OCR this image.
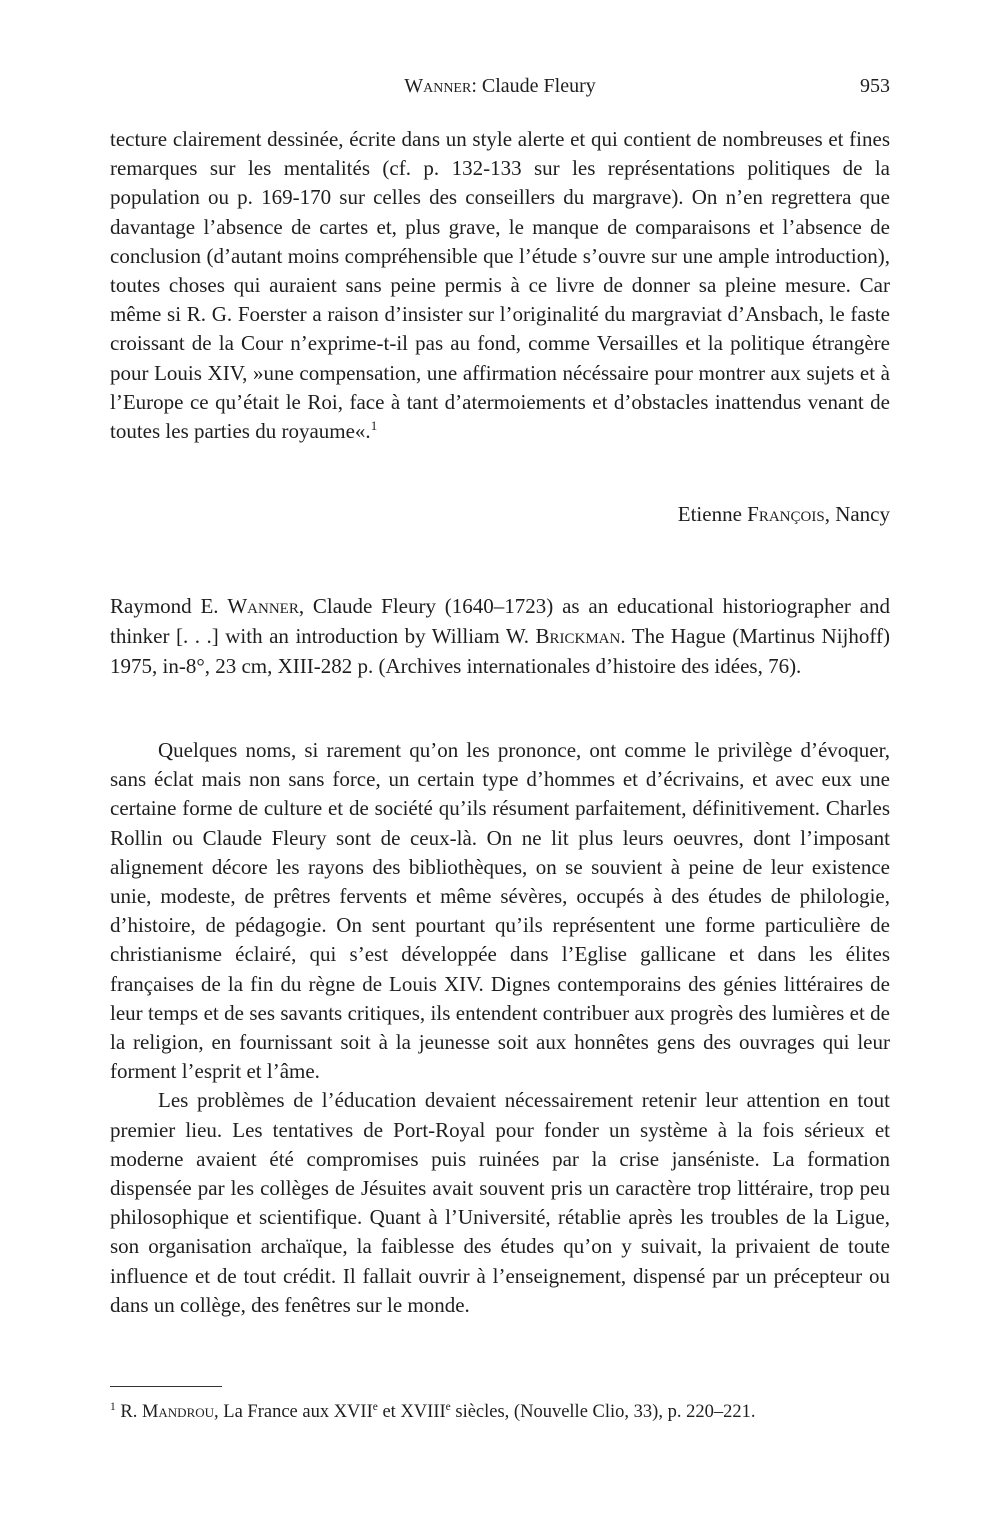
Wanner: Claude Fleury	953

tecture clairement dessinée, écrite dans un style alerte et qui contient de nombreuses et fines remarques sur les mentalités (cf. p. 132-133 sur les représentations politiques de la population ou p. 169-170 sur celles des conseillers du margrave). On n’en regrettera que davantage l’absence de cartes et, plus grave, le manque de comparaisons et l’absence de conclusion (d’autant moins compréhensible que l’étude s’ouvre sur une ample introduction), toutes choses qui auraient sans peine permis à ce livre de donner sa pleine mesure. Car même si R. G. Foerster a raison d’insister sur l’originalité du margraviat d’Ansbach, le faste croissant de la Cour n’exprime-t-il pas au fond, comme Versailles et la politique étrangère pour Louis XIV, »une compensation, une affirmation nécéssaire pour montrer aux sujets et à l’Europe ce qu’était le Roi, face à tant d’atermoiements et d’obstacles inattendus venant de toutes les parties du royaume«.$^1$

Etienne François, Nancy
Raymond E. Wanner, Claude Fleury (1640–1723) as an educational historiographer and thinker [. . .] with an introduction by William W. Brickman. The Hague (Martinus Nijhoff) 1975, in-8°, 23 cm, XIII-282 p. (Archives internationales d’histoire des idées, 76).

Quelques noms, si rarement qu’on les prononce, ont comme le privilège d’évoquer, sans éclat mais non sans force, un certain type d’hommes et d’écrivains, et avec eux une certaine forme de culture et de société qu’ils résument parfaitement, définitivement. Charles Rollin ou Claude Fleury sont de ceux-là. On ne lit plus leurs oeuvres, dont l’imposant alignement décore les rayons des bibliothèques, on se souvient à peine de leur existence unie, modeste, de prêtres fervents et même sévères, occupés à des études de philologie, d’histoire, de pédagogie. On sent pourtant qu’ils représentent une forme particulière de christianisme éclairé, qui s’est développée dans l’Eglise gallicane et dans les élites françaises de la fin du règne de Louis XIV. Dignes contemporains des génies littéraires de leur temps et de ses savants critiques, ils entendent contribuer aux progrès des lumières et de la religion, en fournissant soit à la jeunesse soit aux honnêtes gens des ouvrages qui leur forment l’esprit et l’âme.

Les problèmes de l’éducation devaient nécessairement retenir leur attention en tout premier lieu. Les tentatives de Port-Royal pour fonder un système à la fois sérieux et moderne avaient été compromises puis ruinées par la crise janséniste. La formation dispensée par les collèges de Jésuites avait souvent pris un caractère trop littéraire, trop peu philosophique et scientifique. Quant à l’Université, rétablie après les troubles de la Ligue, son organisation archaïque, la faiblesse des études qu’on y suivait, la privaient de toute influence et de tout crédit. Il fallait ouvrir à l’enseignement, dispensé par un précepteur ou dans un collège, des fenêtres sur le monde.

$^1$ R. Mandrou, La France aux XVIIe et XVIIIe siècles, (Nouvelle Clio, 33), p. 220–221.
